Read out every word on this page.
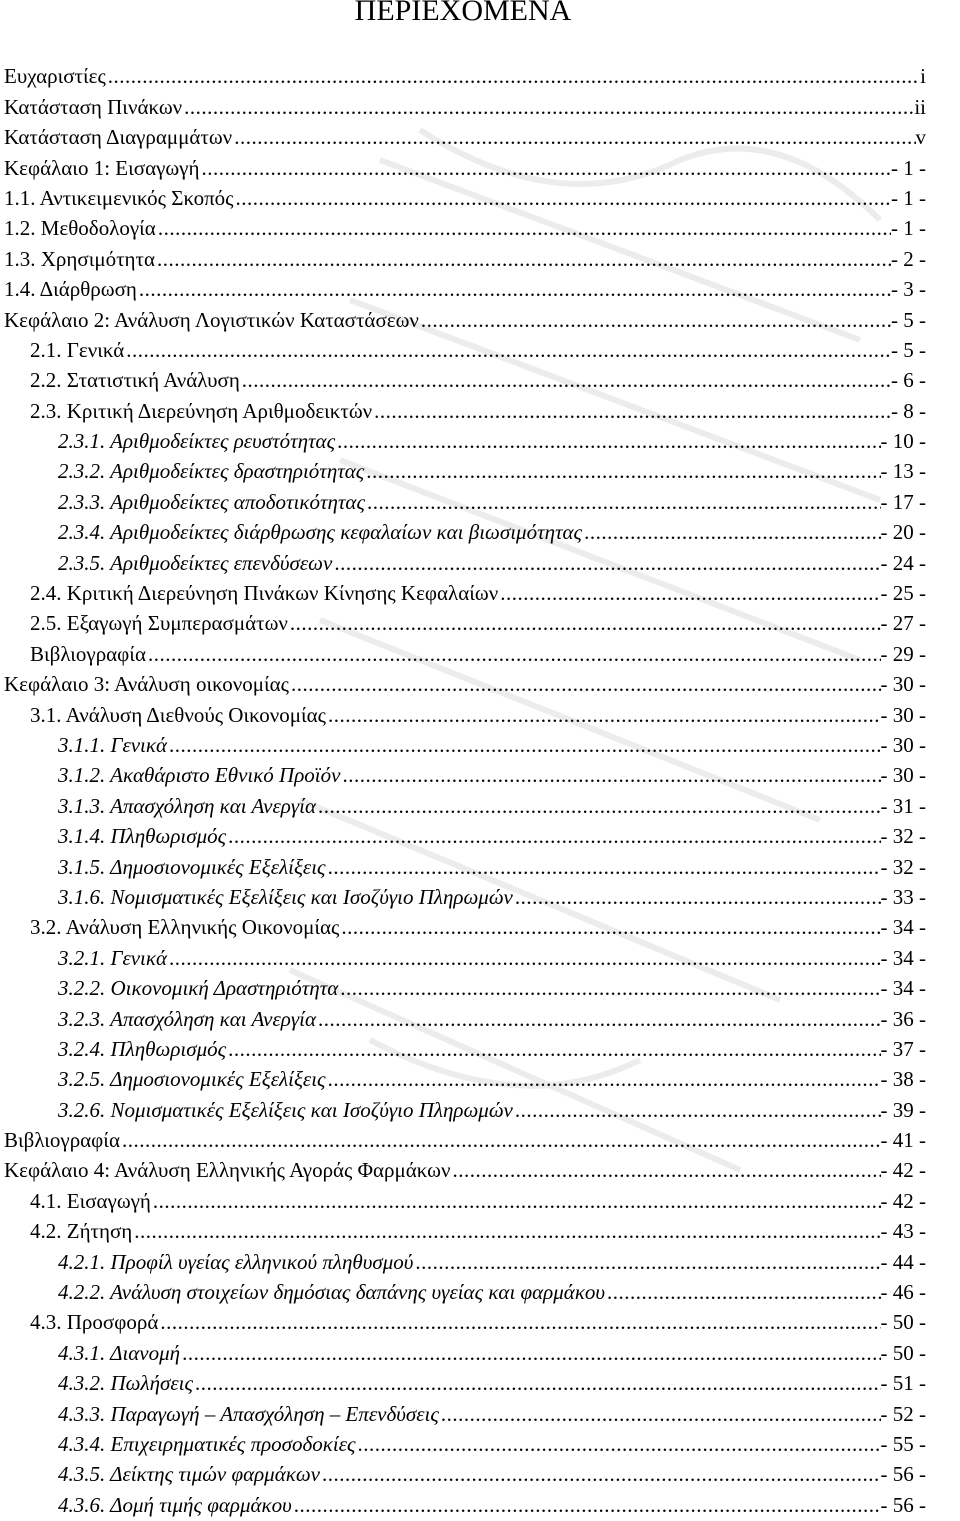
ΠΕΡΙΕΧΟΜΕΝΑ
Ευχαριστίες .....	i
Κατάσταση Πινάκων .....	ii
Κατάσταση Διαγραμμάτων .....	v
Κεφάλαιο 1: Εισαγωγή .....	- 1 -
1.1. Αντικειμενικός Σκοπός .....	- 1 -
1.2. Μεθοδολογία .....	- 1 -
1.3. Χρησιμότητα .....	- 2 -
1.4. Διάρθρωση .....	- 3 -
Κεφάλαιο 2: Ανάλυση Λογιστικών Καταστάσεων .....	- 5 -
2.1. Γενικά .....	- 5 -
2.2. Στατιστική Ανάλυση .....	- 6 -
2.3. Κριτική Διερεύνηση Αριθμοδεικτών .....	- 8 -
2.3.1. Αριθμοδείκτες ρευστότητας .....	- 10 -
2.3.2. Αριθμοδείκτες δραστηριότητας .....	- 13 -
2.3.3. Αριθμοδείκτες αποδοτικότητας .....	- 17 -
2.3.4. Αριθμοδείκτες διάρθρωσης κεφαλαίων και βιωσιμότητας .....	- 20 -
2.3.5. Αριθμοδείκτες επενδύσεων .....	- 24 -
2.4. Κριτική Διερεύνηση Πινάκων Κίνησης Κεφαλαίων .....	- 25 -
2.5. Εξαγωγή Συμπερασμάτων .....	- 27 -
Βιβλιογραφία .....	- 29 -
Κεφάλαιο 3: Ανάλυση οικονομίας .....	- 30 -
3.1. Ανάλυση Διεθνούς Οικονομίας .....	- 30 -
3.1.1. Γενικά .....	- 30 -
3.1.2. Ακαθάριστο Εθνικό Προϊόν .....	- 30 -
3.1.3. Απασχόληση και Ανεργία .....	- 31 -
3.1.4. Πληθωρισμός .....	- 32 -
3.1.5. Δημοσιονομικές Εξελίξεις .....	- 32 -
3.1.6. Νομισματικές Εξελίξεις και Ισοζύγιο Πληρωμών .....	- 33 -
3.2. Ανάλυση Ελληνικής Οικονομίας .....	- 34 -
3.2.1. Γενικά .....	- 34 -
3.2.2. Οικονομική Δραστηριότητα .....	- 34 -
3.2.3. Απασχόληση και Ανεργία .....	- 36 -
3.2.4. Πληθωρισμός .....	- 37 -
3.2.5. Δημοσιονομικές Εξελίξεις .....	- 38 -
3.2.6. Νομισματικές Εξελίξεις και Ισοζύγιο Πληρωμών .....	- 39 -
Βιβλιογραφία .....	- 41 -
Κεφάλαιο 4: Ανάλυση Ελληνικής Αγοράς Φαρμάκων .....	- 42 -
4.1. Εισαγωγή .....	- 42 -
4.2. Ζήτηση .....	- 43 -
4.2.1. Προφίλ υγείας ελληνικού πληθυσμού .....	- 44 -
4.2.2. Ανάλυση στοιχείων δημόσιας δαπάνης υγείας και φαρμάκου .....	- 46 -
4.3. Προσφορά .....	- 50 -
4.3.1. Διανομή .....	- 50 -
4.3.2. Πωλήσεις .....	- 51 -
4.3.3. Παραγωγή – Απασχόληση – Επενδύσεις .....	- 52 -
4.3.4. Επιχειρηματικές προσοδοκίες .....	- 55 -
4.3.5. Δείκτης τιμών φαρμάκων .....	- 56 -
4.3.6. Δομή τιμής φαρμάκου .....	- 56 -
